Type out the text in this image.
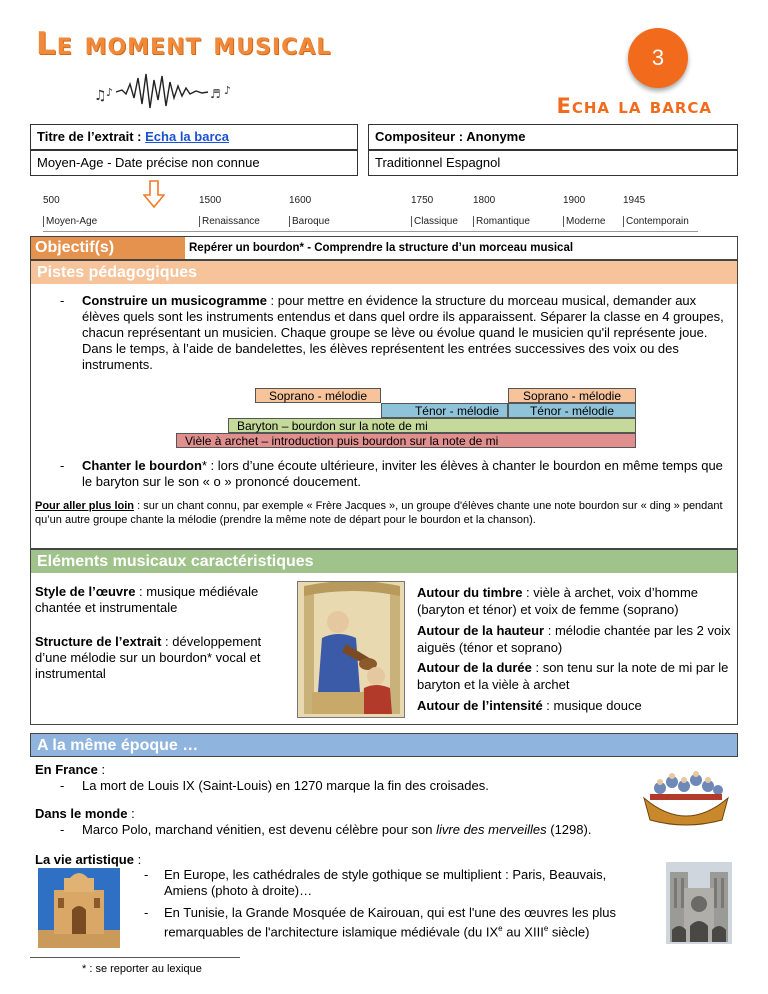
Le moment musical
♫ ♪	♬ ♪
3
Echa la barca
Titre de l’extrait : Echa la barca	Compositeur : Anonyme
Moyen-Age - Date précise non connue	Traditionnel Espagnol
500	1500	1600	1750	1800	1900	1945
Moyen-Age	Renaissance	Baroque	Classique	Romantique	Moderne	Contemporain
Objectif(s)	Repérer un bourdon* - Comprendre la structure d’un morceau musical
Pistes pédagogiques
- Construire un musicogramme : pour mettre en évidence la structure du morceau musical, demander aux élèves quels sont les instruments entendus et dans quel ordre ils apparaissent. Séparer la classe en 4 groupes, chacun représentant un musicien. Chaque groupe se lève ou évolue quand le musicien qu'il représente joue. Dans le temps, à l’aide de bandelettes, les élèves représentent les entrées successives des voix ou des instruments.
Soprano - mélodie	Soprano - mélodie
Ténor - mélodie	Ténor - mélodie
Baryton – bourdon sur la note de mi
Vièle à archet – introduction puis bourdon sur la note de mi
- Chanter le bourdon* : lors d’une écoute ultérieure, inviter les élèves à chanter le bourdon en même temps que le baryton sur le son « o » prononcé doucement.
Pour aller plus loin : sur un chant connu, par exemple « Frère Jacques », un groupe d'élèves chante une note bourdon sur « ding » pendant qu’un autre groupe chante la mélodie (prendre la même note de départ pour le bourdon et la chanson).
Eléments musicaux caractéristiques
Style de l’œuvre : musique médiévale chantée et instrumentale
Structure de l’extrait : développement d’une mélodie sur un bourdon* vocal et instrumental
Autour du timbre : vièle à archet, voix d’homme (baryton et ténor) et voix de femme (soprano)
Autour de la hauteur : mélodie chantée par les 2 voix aiguës (ténor et soprano)
Autour de la durée : son tenu sur la note de mi par le baryton et la vièle à archet
Autour de l’intensité : musique douce
A la même époque …
En France :
- La mort de Louis IX (Saint-Louis) en 1270 marque la fin des croisades.
Dans le monde :
- Marco Polo, marchand vénitien, est devenu célèbre pour son livre des merveilles (1298).
La vie artistique :
- En Europe, les cathédrales de style gothique se multiplient : Paris, Beauvais, Amiens (photo à droite)…
- En Tunisie, la Grande Mosquée de Kairouan, qui est l'une des œuvres les plus remarquables de l'architecture islamique médiévale (du IXe au XIIIe siècle)
* : se reporter au lexique
